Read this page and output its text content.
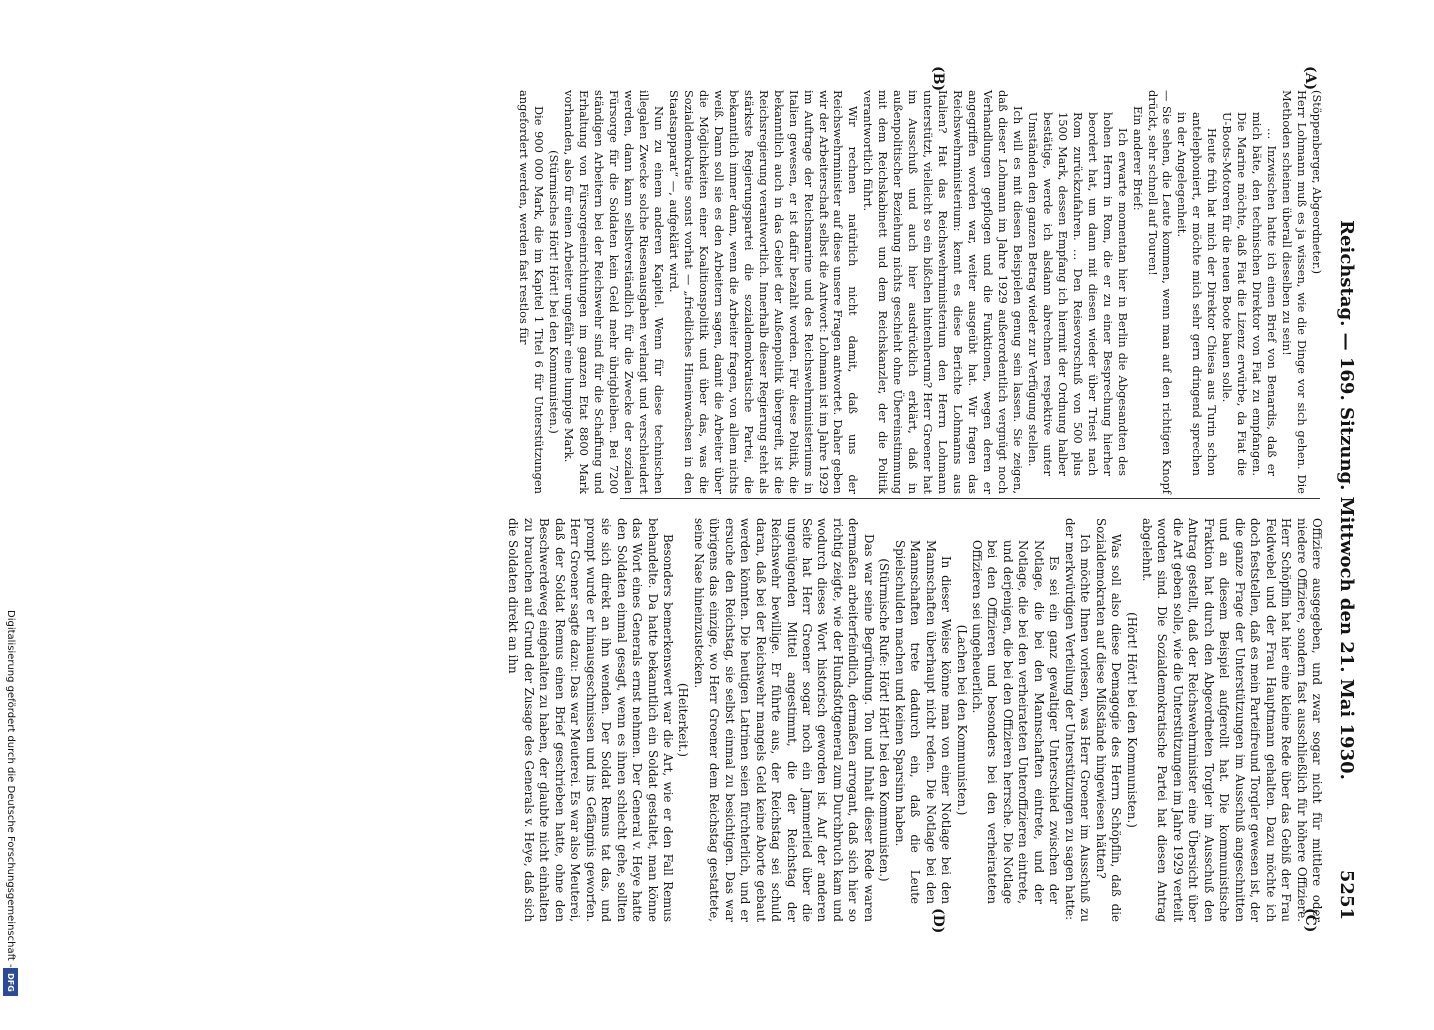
Reichstag. — 169. Sitzung. Mittwoch den 21. Mai 1930.
5251
(A)
(B)
(C)
(D)

(Stöppenberger, Abgeordneter.)

Herr Lohmann muß es ja wissen, wie die Dinge vor sich gehen. Die Methoden scheinen überall dieselben zu sein!

… Inzwischen hatte ich einen Brief von Benardis, daß er mich bäte, den technischen Direktor von Fiat zu empfangen. Die Marine möchte, daß Fiat die Lizenz erwürbe, da Fiat die U-Boots-Motoren für die neuen Boote bauen solle.

Heute früh hat mich der Direktor Chiesa aus Turin schon antelephoniert, er möchte mich sehr gern dringend sprechen in der Angelegenheit.

— Sie sehen, die Leute kommen, wenn man auf den richtigen Knopf drückt, sehr schnell auf Touren!

Ein anderer Brief:

Ich erwarte momentan hier in Berlin die Abgesandten des hohen Herrn in Rom, die er zu einer Besprechung hierher beordert hat, um dann mit diesen wieder über Triest nach Rom zurückzufahren. … Den Reisevorschuß von 500 plus 1500 Mark, dessen Empfang ich hiermit der Ordnung halber bestätige, werde ich alsdann abrechnen respektive unter Umständen den ganzen Betrag wieder zur Verfügung stellen.

Ich will es mit diesen Beispielen genug sein lassen. Sie zeigen, daß dieser Lohmann im Jahre 1929 außerordentlich vergnügt noch Verhandlungen gepflogen und die Funktionen, wegen deren er angegriffen worden war, weiter ausgeübt hat. Wir fragen das Reichswehrministerium: kennt es diese Berichte Lohmanns aus Italien? Hat das Reichswehrministerium den Herrn Lohmann unterstützt, vielleicht so ein bißchen hintenherum? Herr Groener hat im Ausschuß und auch hier ausdrücklich erklärt, daß in außenpolitischer Beziehung nichts geschieht ohne Übereinstimmung mit dem Reichskabinett und dem Reichskanzler, der die Politik verantwortlich führt.

Wir rechnen natürlich nicht damit, daß uns der Reichswehrminister auf diese unsere Fragen antwortet. Daher geben wir der Arbeiterschaft selbst die Antwort: Lohmann ist im Jahre 1929 im Auftrage der Reichsmarine und des Reichswehrministeriums in Italien gewesen, er ist dafür bezahlt worden. Für diese Politik, die bekanntlich auch in das Gebiet der Außenpolitik übergreift, ist die Reichsregierung verantwortlich. Innerhalb dieser Regierung steht als stärkste Regierungspartei die sozialdemokratische Partei, die bekanntlich immer dann, wenn die Arbeiter fragen, von allem nichts weiß. Dann soll sie es den Arbeitern sagen, damit die Arbeiter über die Möglichkeiten einer Koalitionspolitik und über das, was die Sozialdemokratie sonst vorhat — „friedliches Hineinwachsen in den Staatsapparat“ —, aufgeklärt wird.

Nun zu einem anderen Kapitel. Wenn für diese technischen illegalen Zwecke solche Riesenausgaben verlangt und verschleudert werden, dann kann selbstverständlich für die Zwecke der sozialen Fürsorge für die Soldaten kein Geld mehr übrigbleiben. Bei 7200 ständigen Arbeitern bei der Reichswehr sind für die Schaffung und Erhaltung von Fürsorgeeinrichtungen im ganzen Etat 8800 Mark vorhanden, also für einen Arbeiter ungefähr eine lumpige Mark.

(Stürmisches Hört! Hört! bei den Kommunisten.)

Die 900 000 Mark, die im Kapitel 1 Titel 6 für Unterstützungen angefordert werden, werden fast restlos für

Offiziere ausgegeben, und zwar sogar nicht für mittlere oder niedere Offiziere, sondern fast ausschließlich für höhere Offiziere. Herr Schöpflin hat hier eine kleine Rede über das Gebiß der Frau Feldwebel und der Frau Hauptmann gehalten. Dazu möchte ich doch feststellen, daß es mein Parteifreund Torgler gewesen ist, der die ganze Frage der Unterstützungen im Ausschuß angeschnitten und an diesem Beispiel aufgerollt hat. Die kommunistische Fraktion hat durch den Abgeordneten Torgler im Ausschuß den Antrag gestellt, daß der Reichswehrminister eine Übersicht über die Art geben solle, wie die Unterstützungen im Jahre 1929 verteilt worden sind. Die Sozialdemokratische Partei hat diesen Antrag abgelehnt.

(Hört! Hört! bei den Kommunisten.)

Was soll also diese Demagogie des Herrn Schöpflin, daß die Sozialdemokraten auf diese Mißstände hingewiesen hätten?

Ich möchte Ihnen vorlesen, was Herr Groener im Ausschuß zu der merkwürdigen Verteilung der Unterstützungen zu sagen hatte:

Es sei ein ganz gewaltiger Unterschied zwischen der Notlage, die bei den Mannschaften eintrete, und der Notlage, die bei den verheirateten Unteroffizieren eintrete, und derjenigen, die bei den Offizieren herrsche. Die Notlage bei den Offizieren und besonders bei den verheirateten Offizieren sei ungeheuerlich.

(Lachen bei den Kommunisten.)

In dieser Weise könne man von einer Notlage bei den Mannschaften überhaupt nicht reden. Die Notlage bei den Mannschaften trete dadurch ein, daß die Leute Spielschulden machen und keinen Sparsinn haben.

(Stürmische Rufe: Hört! Hört! bei den Kommunisten.)

Das war seine Begründung. Ton und Inhalt dieser Rede waren dermaßen arbeiterfeindlich, dermaßen arrogant, daß sich hier so richtig zeigte, wie der Hundsfottgeneral zum Durchbruch kam und wodurch dieses Wort historisch geworden ist. Auf der anderen Seite hat Herr Groener sogar noch ein Jammerlied über die ungenügenden Mittel angestimmt, die der Reichstag der Reichswehr bewillige. Er führte aus, der Reichstag sei schuld daran, daß bei der Reichswehr mangels Geld keine Aborte gebaut werden könnten. Die heutigen Latrinen seien fürchterlich, und er ersuche den Reichstag, sie selbst einmal zu besichtigen. Das war übrigens das einzige, wo Herr Groener dem Reichstag gestattete, seine Nase hineinzustecken.

(Heiterkeit.)

Besonders bemerkenswert war die Art, wie er den Fall Remus behandelte. Da hatte bekanntlich ein Soldat gestaltet, man könne das Wort eines Generals ernst nehmen. Der General v. Heye hatte den Soldaten einmal gesagt, wenn es ihnen schlecht gehe, sollten sie sich direkt an ihn wenden. Der Soldat Remus tat das, und prompt wurde er hinausgeschmissen und ins Gefängnis geworfen. Herr Groener sagte dazu: Das war Meuterei. Es war also Meuterei, daß der Soldat Remus einen Brief geschrieben hatte, ohne den Beschwerdeweg eingehalten zu haben, der glaubte nicht einhalten zu brauchen auf Grund der Zusage des Generals v. Heye, daß sich die Soldaten direkt an ihn

Digitalisierung gefördert durch die Deutsche Forschungsgemeinschaft -
DFG
